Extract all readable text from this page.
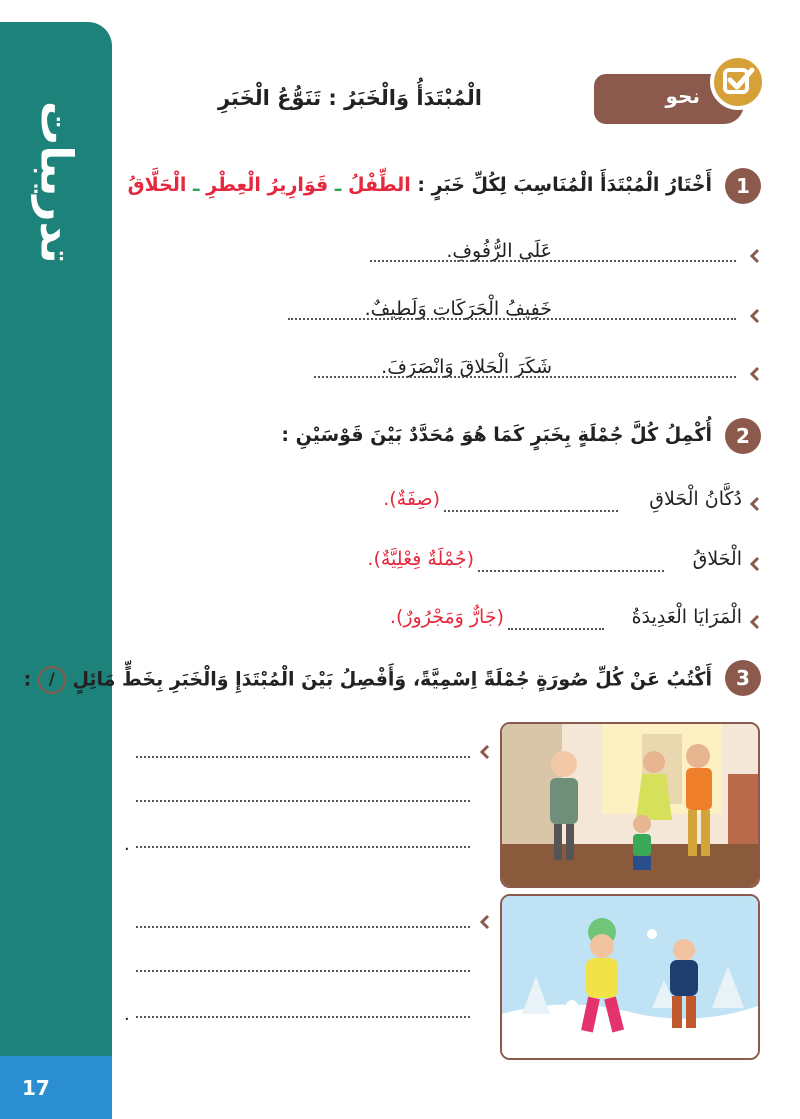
تدريبات
17
نحو
الْمُبْتَدَأُ وَالْخَبَرُ : تَنَوُّعُ الْخَبَرِ
1
أَخْتَارُ الْمُبْتَدَأَ الْمُنَاسِبَ لِكُلِّ خَبَرٍ : الطِّفْلُ ـ قَوَارِيرُ الْعِطْرِ ـ الْحَلَّاقُ
عَلَى الرُّفُوفِ.
خَفِيفُ الْحَرَكَاتِ وَلَطِيفٌ.
شَكَرَ الْحَلاقَ وَانْصَرَفَ.
2
أُكْمِلُ كُلَّ جُمْلَةٍ بِخَبَرٍ كَمَا هُوَ مُحَدَّدٌ بَيْنَ قَوْسَيْنِ :
دُكَّانُ الْحَلاقِ
(صِفَةٌ).
الْحَلاقُ
(جُمْلَةٌ فِعْلِيَّةٌ).
الْمَرَايَا الْعَدِيدَةُ
(جَارٌّ وَمَجْرُورٌ).
3
أَكْتُبُ عَنْ كُلِّ صُورَةٍ جُمْلَةً اِسْمِيَّةً، وَأَفْصِلُ بَيْنَ الْمُبْتَدَإِ وَالْخَبَرِ بِخَطٍّ مَائِلٍ / :
.
.
